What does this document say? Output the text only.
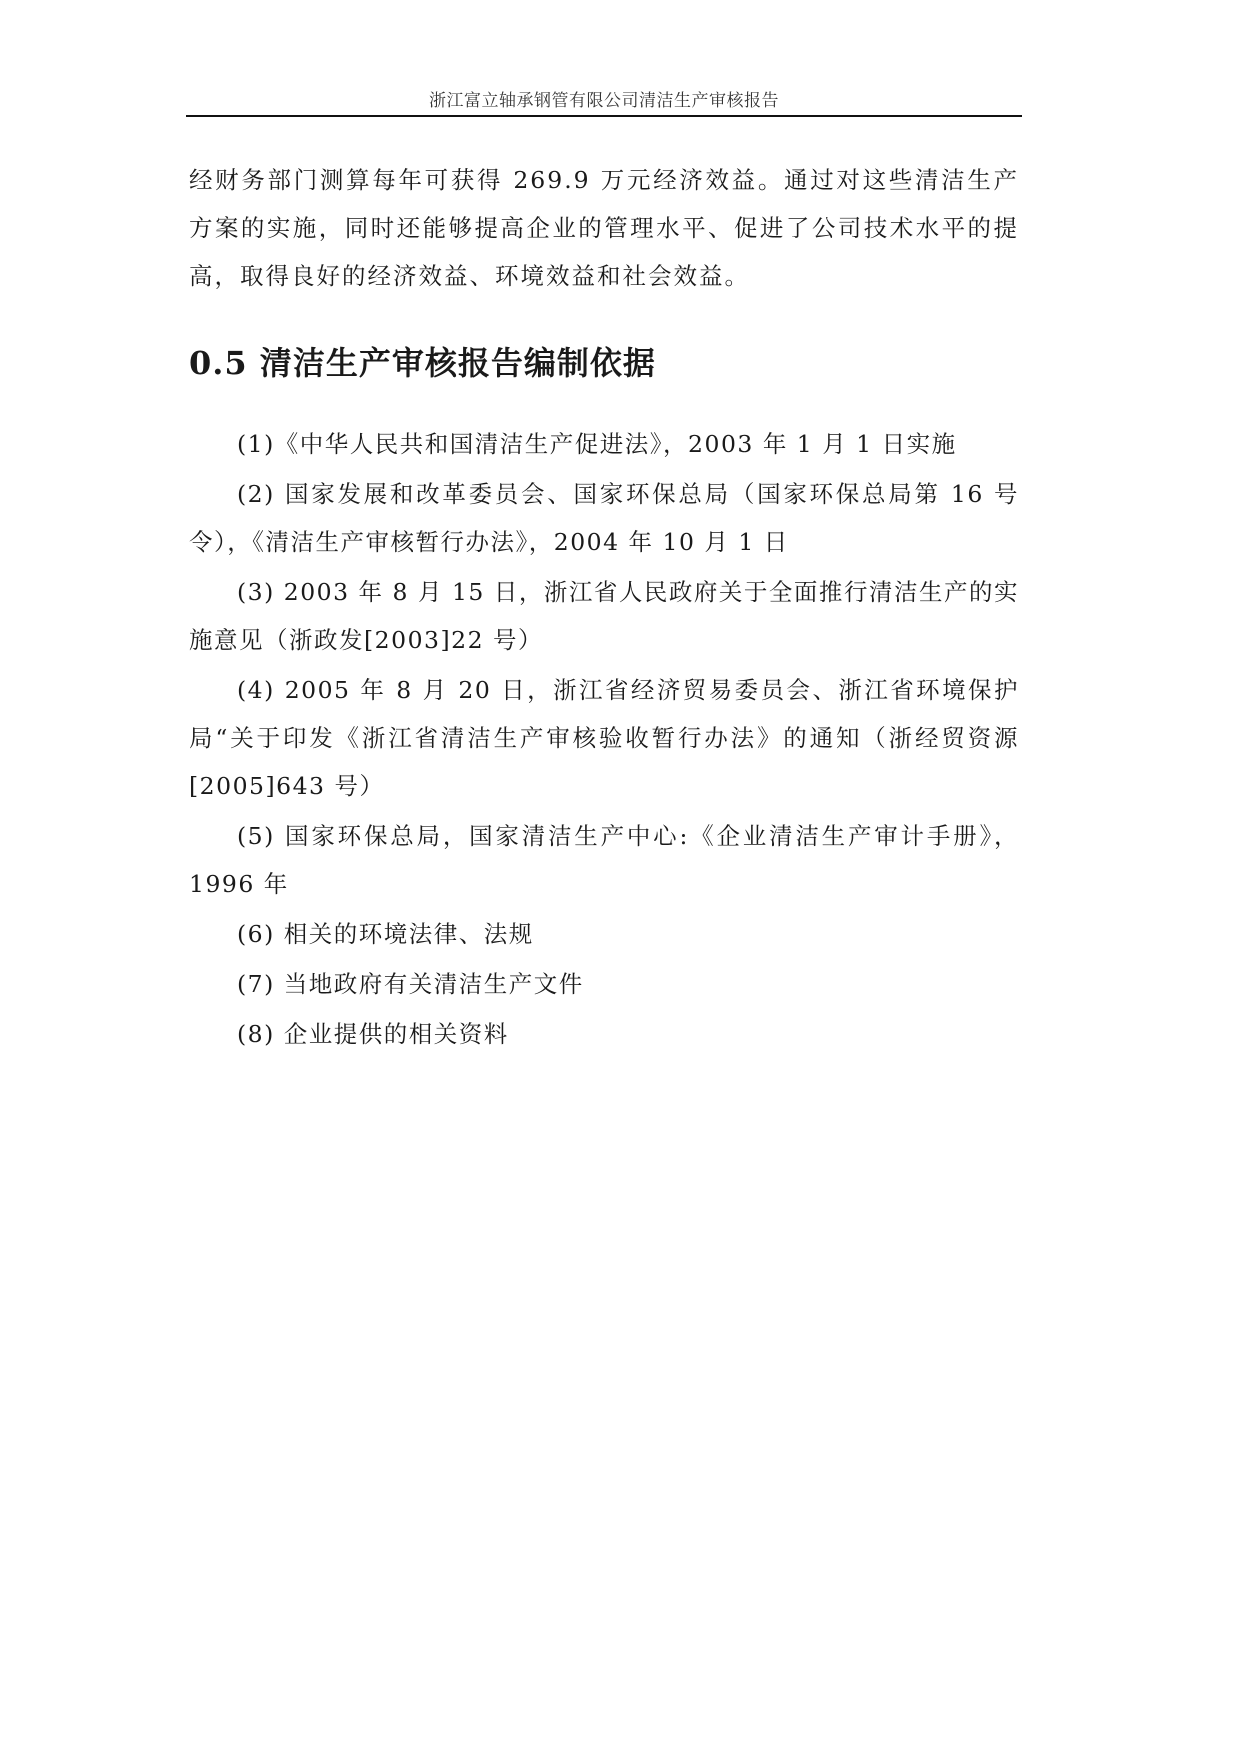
浙江富立轴承钢管有限公司清洁生产审核报告

经财务部门测算每年可获得 269.9 万元经济效益。通过对这些清洁生产方案的实施，同时还能够提高企业的管理水平、促进了公司技术水平的提高，取得良好的经济效益、环境效益和社会效益。

0.5 清洁生产审核报告编制依据

(1)《中华人民共和国清洁生产促进法》，2003 年 1 月 1 日实施

(2) 国家发展和改革委员会、国家环保总局（国家环保总局第 16 号令），《清洁生产审核暂行办法》，2004 年 10 月 1 日

(3) 2003 年 8 月 15 日，浙江省人民政府关于全面推行清洁生产的实施意见（浙政发[2003]22 号）

(4) 2005 年 8 月 20 日，浙江省经济贸易委员会、浙江省环境保护局“关于印发《浙江省清洁生产审核验收暂行办法》的通知（浙经贸资源[2005]643 号）

(5) 国家环保总局，国家清洁生产中心:《企业清洁生产审计手册》，1996 年

(6) 相关的环境法律、法规

(7) 当地政府有关清洁生产文件

(8) 企业提供的相关资料
